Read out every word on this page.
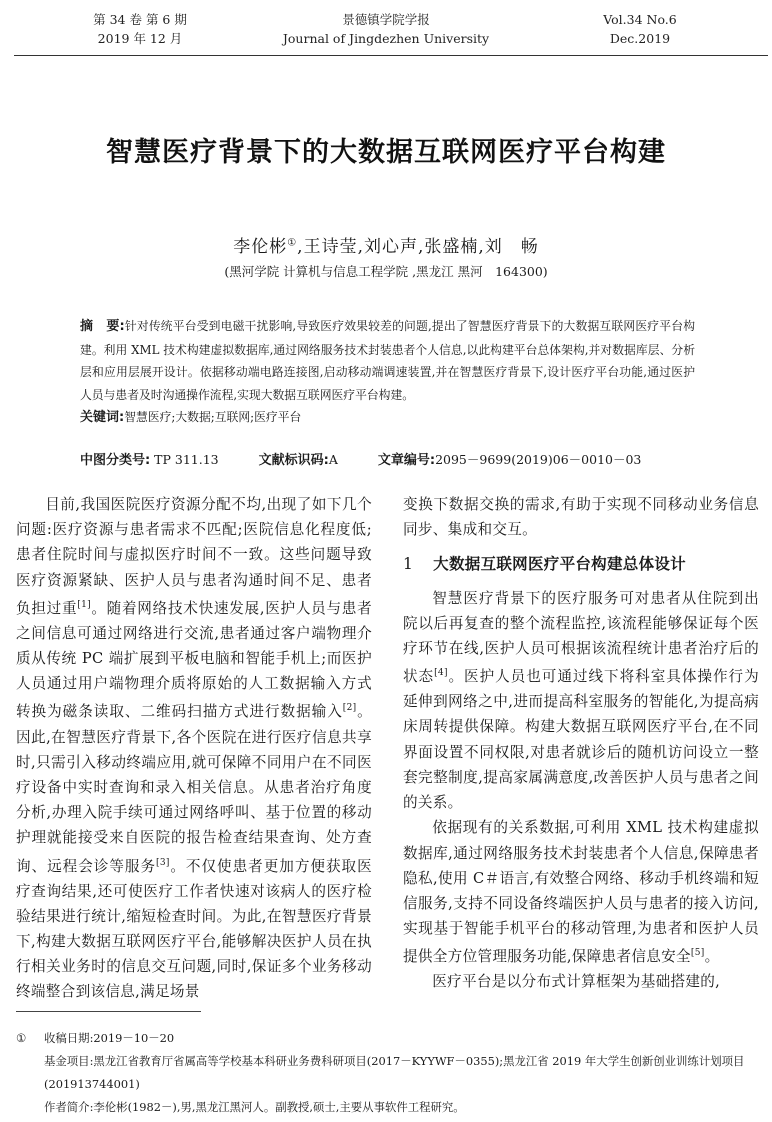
第 34 卷 第 6 期
2019 年 12 月
景德镇学院学报
Journal of Jingdezhen University
Vol.34 No.6
Dec.2019
智慧医疗背景下的大数据互联网医疗平台构建
李伦彬①,王诗莹,刘心声,张盛楠,刘　畅
(黑河学院 计算机与信息工程学院 ,黑龙江 黑河　164300)
摘　要:针对传统平台受到电磁干扰影响,导致医疗效果较差的问题,提出了智慧医疗背景下的大数据互联网医疗平台构建。利用 XML 技术构建虚拟数据库,通过网络服务技术封装患者个人信息,以此构建平台总体架构,并对数据库层、分析层和应用层展开设计。依据移动端电路连接图,启动移动端调速装置,并在智慧医疗背景下,设计医疗平台功能,通过医护人员与患者及时沟通操作流程,实现大数据互联网医疗平台构建。
关键词:智慧医疗;大数据;互联网;医疗平台
中图分类号: TP 311.13	文献标识码:A	文章编号:2095－9699(2019)06－0010－03

目前,我国医院医疗资源分配不均,出现了如下几个问题:医疗资源与患者需求不匹配;医院信息化程度低;患者住院时间与虚拟医疗时间不一致。这些问题导致医疗资源紧缺、医护人员与患者沟通时间不足、患者负担过重[1]。随着网络技术快速发展,医护人员与患者之间信息可通过网络进行交流,患者通过客户端物理介质从传统 PC 端扩展到平板电脑和智能手机上;而医护人员通过用户端物理介质将原始的人工数据输入方式转换为磁条读取、二维码扫描方式进行数据输入[2]。因此,在智慧医疗背景下,各个医院在进行医疗信息共享时,只需引入移动终端应用,就可保障不同用户在不同医疗设备中实时查询和录入相关信息。从患者治疗角度分析,办理入院手续可通过网络呼叫、基于位置的移动护理就能接受来自医院的报告检查结果查询、处方查询、远程会诊等服务[3]。不仅使患者更加方便获取医疗查询结果,还可使医疗工作者快速对该病人的医疗检验结果进行统计,缩短检查时间。为此,在智慧医疗背景下,构建大数据互联网医疗平台,能够解决医护人员在执行相关业务时的信息交互问题,同时,保证多个业务移动终端整合到该信息,满足场景

变换下数据交换的需求,有助于实现不同移动业务信息同步、集成和交互。

1 大数据互联网医疗平台构建总体设计

智慧医疗背景下的医疗服务可对患者从住院到出院以后再复查的整个流程监控,该流程能够保证每个医疗环节在线,医护人员可根据该流程统计患者治疗后的状态[4]。医护人员也可通过线下将科室具体操作行为延伸到网络之中,进而提高科室服务的智能化,为提高病床周转提供保障。构建大数据互联网医疗平台,在不同界面设置不同权限,对患者就诊后的随机访问设立一整套完整制度,提高家属满意度,改善医护人员与患者之间的关系。

依据现有的关系数据,可利用 XML 技术构建虚拟数据库,通过网络服务技术封装患者个人信息,保障患者隐私,使用 C＃语言,有效整合网络、移动手机终端和短信服务,支持不同设备终端医护人员与患者的接入访问,实现基于智能手机平台的移动管理,为患者和医护人员提供全方位管理服务功能,保障患者信息安全[5]。

医疗平台是以分布式计算框架为基础搭建的,

① 收稿日期:2019－10－20
基金项目:黑龙江省教育厅省属高等学校基本科研业务费科研项目(2017－KYYWF－0355);黑龙江省 2019 年大学生创新创业训练计划项目(201913744001)
作者简介:李伦彬(1982－),男,黑龙江黑河人。副教授,硕士,主要从事软件工程研究。
